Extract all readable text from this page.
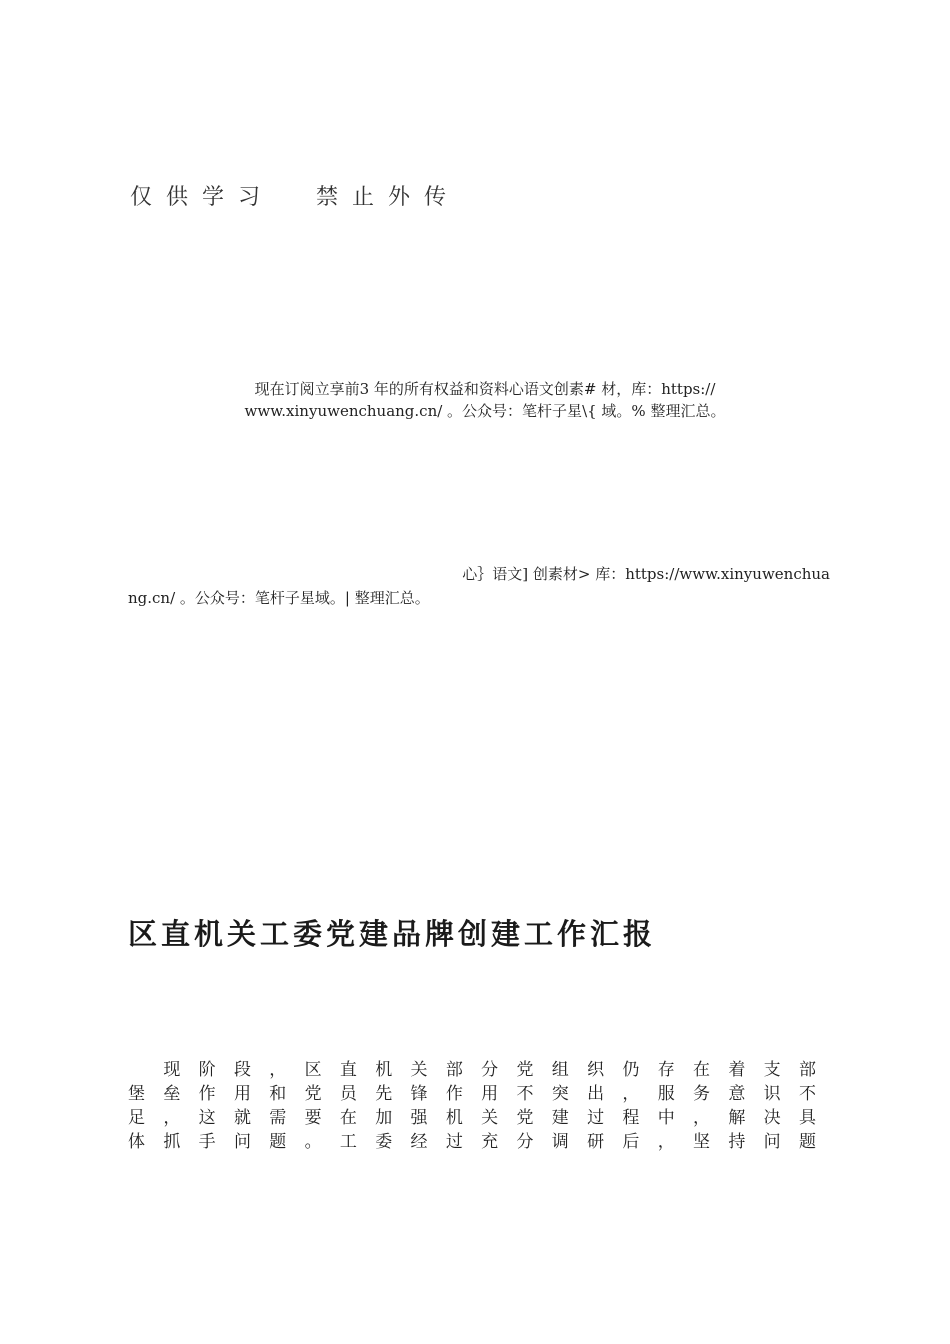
仅供学习  禁止外传
现在订阅立享前3 年的所有权益和资料心语文创素# 材，库：https://
www.xinyuwenchuang.cn/ 。公众号：笔杆子星\{ 域。% 整理汇总。
心｝语文] 创素材> 库：https://www.xinyuwenchua
ng.cn/ 。公众号：笔杆子星域。| 整理汇总。
区直机关工委党建品牌创建工作汇报

现 阶 段 ， 区 直 机 关 部 分 党 组 织 仍 存 在 着 支 部
堡 垒 作 用 和 党 员 先 锋 作 用 不 突 出 ， 服 务 意 识 不
足 ， 这 就 需 要 在 加 强 机 关 党 建 过 程 中 ， 解 决 具
体 抓 手 问 题 。 工 委 经 过 充 分 调 研 后 ， 坚 持 问 题
